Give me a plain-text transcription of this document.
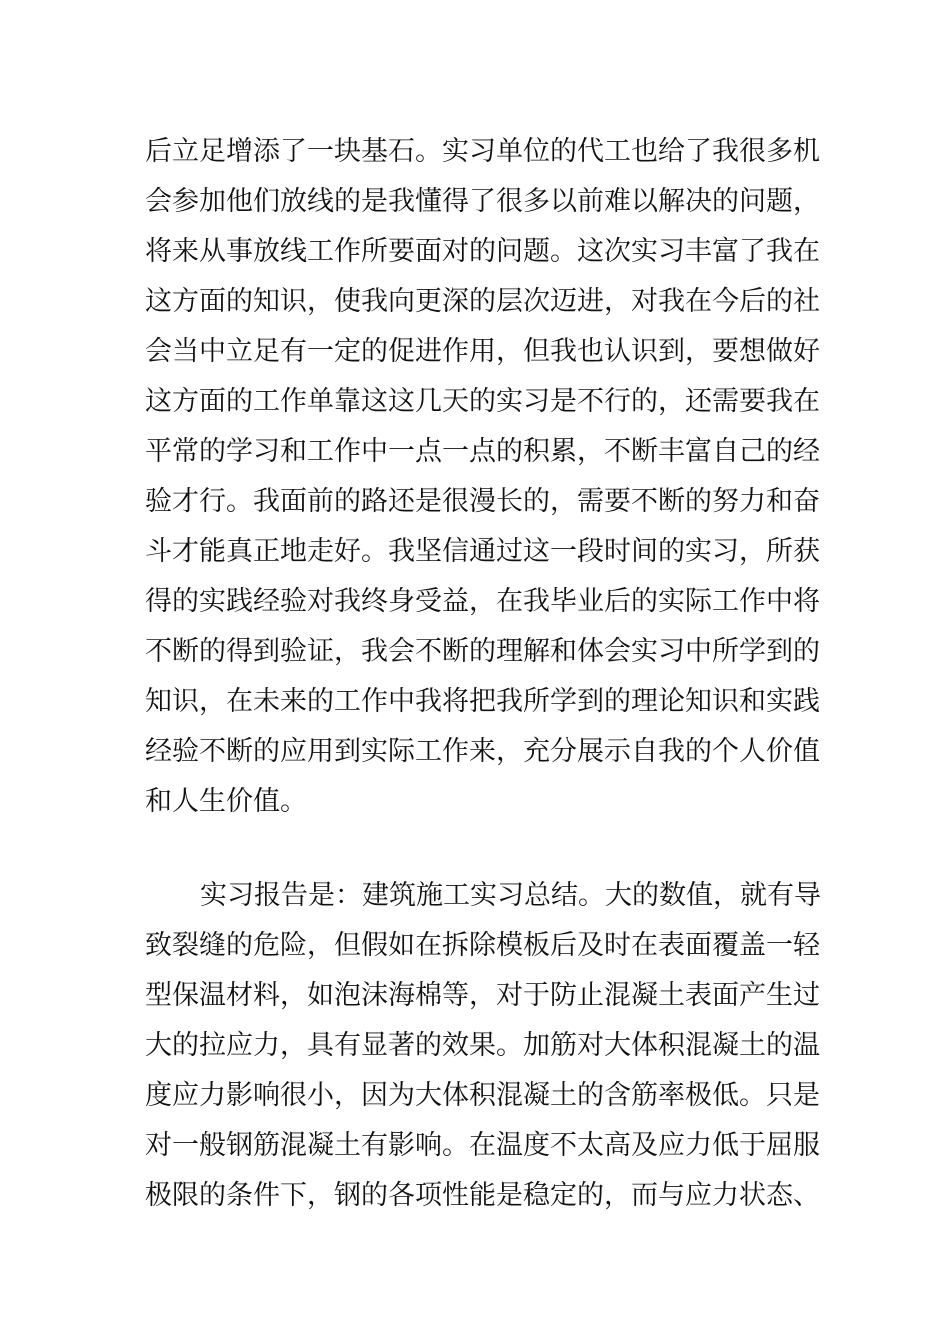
后立足增添了一块基石。实习单位的代工也给了我很多机
会参加他们放线的是我懂得了很多以前难以解决的问题，
将来从事放线工作所要面对的问题。这次实习丰富了我在
这方面的知识，使我向更深的层次迈进，对我在今后的社
会当中立足有一定的促进作用，但我也认识到，要想做好
这方面的工作单靠这这几天的实习是不行的，还需要我在
平常的学习和工作中一点一点的积累，不断丰富自己的经
验才行。我面前的路还是很漫长的，需要不断的努力和奋
斗才能真正地走好。我坚信通过这一段时间的实习，所获
得的实践经验对我终身受益，在我毕业后的实际工作中将
不断的得到验证，我会不断的理解和体会实习中所学到的
知识，在未来的工作中我将把我所学到的理论知识和实践
经验不断的应用到实际工作来，充分展示自我的个人价值
和人生价值。
实习报告是：建筑施工实习总结。大的数值，就有导
致裂缝的危险，但假如在拆除模板后及时在表面覆盖一轻
型保温材料，如泡沫海棉等，对于防止混凝土表面产生过
大的拉应力，具有显著的效果。加筋对大体积混凝土的温
度应力影响很小，因为大体积混凝土的含筋率极低。只是
对一般钢筋混凝土有影响。在温度不太高及应力低于屈服
极限的条件下，钢的各项性能是稳定的，而与应力状态、
